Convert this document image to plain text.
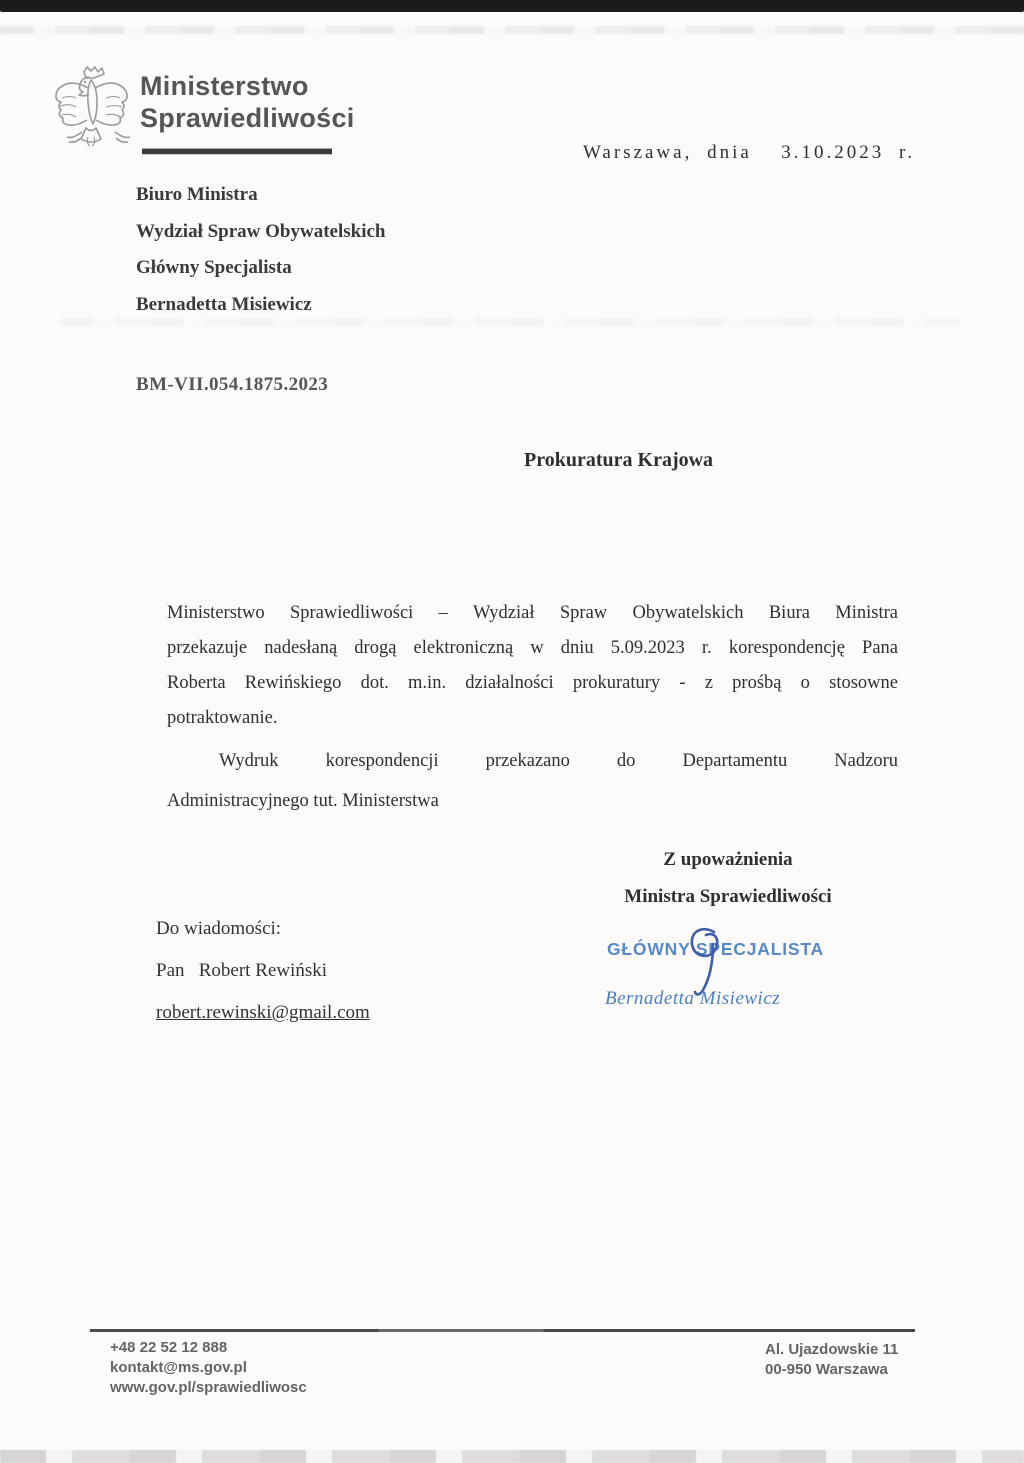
Ministerstwo
Sprawiedliwości
Warszawa, dnia  3.10.2023 r.
Biuro Ministra
Wydział Spraw Obywatelskich
Główny Specjalista
Bernadetta Misiewicz
BM-VII.054.1875.2023
Prokuratura Krajowa
Ministerstwo Sprawiedliwości – Wydział Spraw Obywatelskich Biura Ministra
przekazuje nadesłaną drogą elektroniczną w dniu 5.09.2023 r. korespondencję Pana
Roberta Rewińskiego dot. m.in. działalności prokuratury - z prośbą o stosowne
potraktowanie.
Wydruk korespondencji przekazano do Departamentu Nadzoru
Administracyjnego tut. Ministerstwa
Z upoważnienia
Ministra Sprawiedliwości
Do wiadomości:
Pan   Robert Rewiński
robert.rewinski@gmail.com
GŁÓWNY SPECJALISTA
Bernadetta Misiewicz
+48 22 52 12 888
kontakt@ms.gov.pl
www.gov.pl/sprawiedliwosc
Al. Ujazdowskie 11
00-950 Warszawa
